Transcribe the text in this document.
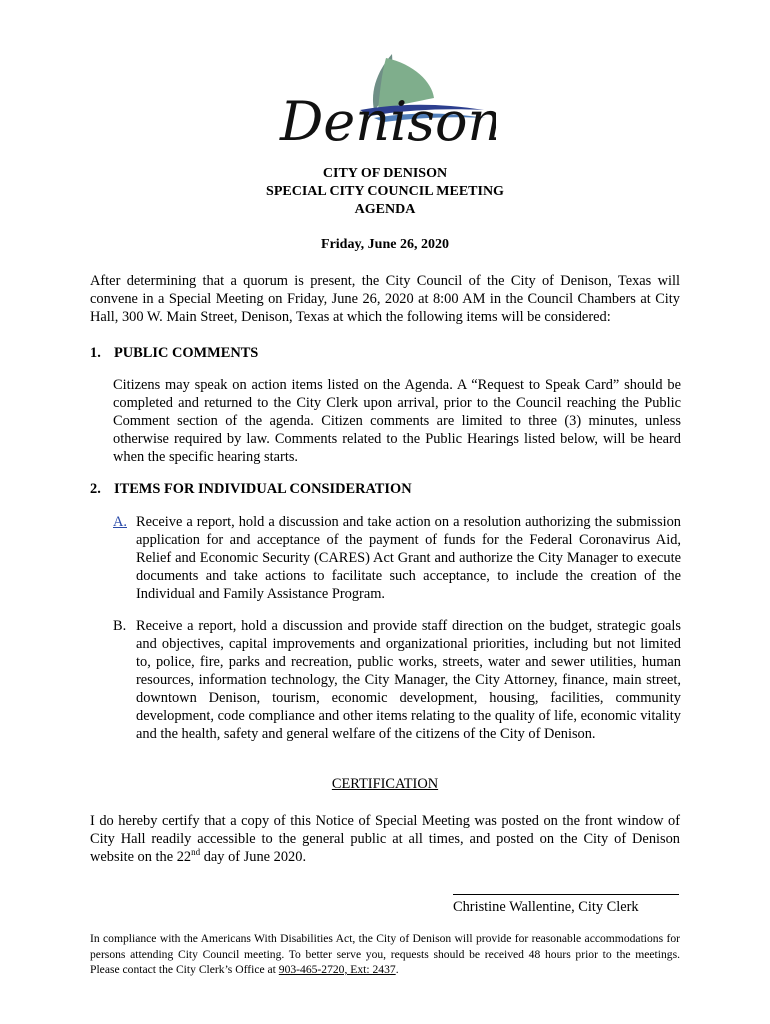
Denison
CITY OF DENISON
SPECIAL CITY COUNCIL MEETING
AGENDA
Friday, June 26, 2020
After determining that a quorum is present, the City Council of the City of Denison, Texas will convene in a Special Meeting on Friday, June 26, 2020 at 8:00 AM in the Council Chambers at City Hall, 300 W. Main Street, Denison, Texas at which the following items will be considered:
1. PUBLIC COMMENTS
Citizens may speak on action items listed on the Agenda. A “Request to Speak Card” should be completed and returned to the City Clerk upon arrival, prior to the Council reaching the Public Comment section of the agenda. Citizen comments are limited to three (3) minutes, unless otherwise required by law. Comments related to the Public Hearings listed below, will be heard when the specific hearing starts.
2. ITEMS FOR INDIVIDUAL CONSIDERATION
A. Receive a report, hold a discussion and take action on a resolution authorizing the submission application for and acceptance of the payment of funds for the Federal Coronavirus Aid, Relief and Economic Security (CARES) Act Grant and authorize the City Manager to execute documents and take actions to facilitate such acceptance, to include the creation of the Individual and Family Assistance Program.
B. Receive a report, hold a discussion and provide staff direction on the budget, strategic goals and objectives, capital improvements and organizational priorities, including but not limited to, police, fire, parks and recreation, public works, streets, water and sewer utilities, human resources, information technology, the City Manager, the City Attorney, finance, main street, downtown Denison, tourism, economic development, housing, facilities, community development, code compliance and other items relating to the quality of life, economic vitality and the health, safety and general welfare of the citizens of the City of Denison.
CERTIFICATION
I do hereby certify that a copy of this Notice of Special Meeting was posted on the front window of City Hall readily accessible to the general public at all times, and posted on the City of Denison website on the 22nd day of June 2020.
Christine Wallentine, City Clerk
In compliance with the Americans With Disabilities Act, the City of Denison will provide for reasonable accommodations for persons attending City Council meeting. To better serve you, requests should be received 48 hours prior to the meetings. Please contact the City Clerk’s Office at 903-465-2720, Ext: 2437.
